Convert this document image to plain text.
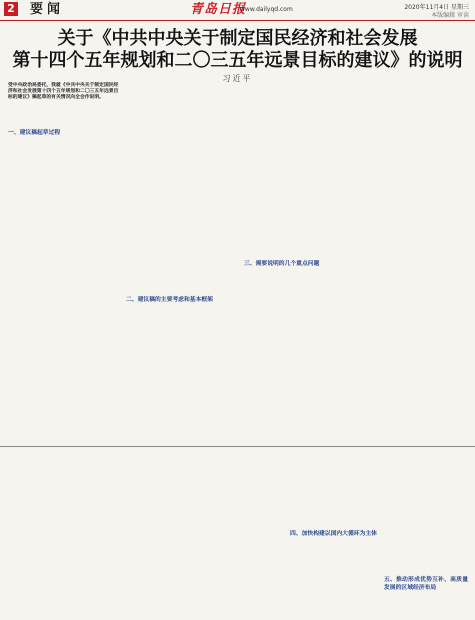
2 要闻	青岛日报
www.dailyqd.com	2020年11月4日 星期三
本版编辑 审读
关于《中共中央关于制定国民经济和社会发展
第十四个五年规划和二〇三五年远景目标的建议》的说明
习近平
受中央政治局委托，我就《中共中央关于制定国民经济和社会发展第十四个五年规划和二〇三五年远景目标的建议》稿起草的有关情况向全会作说明。
一、建议稿起草过程
二、建议稿的主要考虑和基本框架
三、需要说明的几个重点问题
四、加快构建以国内大循环为主体
五、推动形成优势互补、高质量发展的区域经济布局
